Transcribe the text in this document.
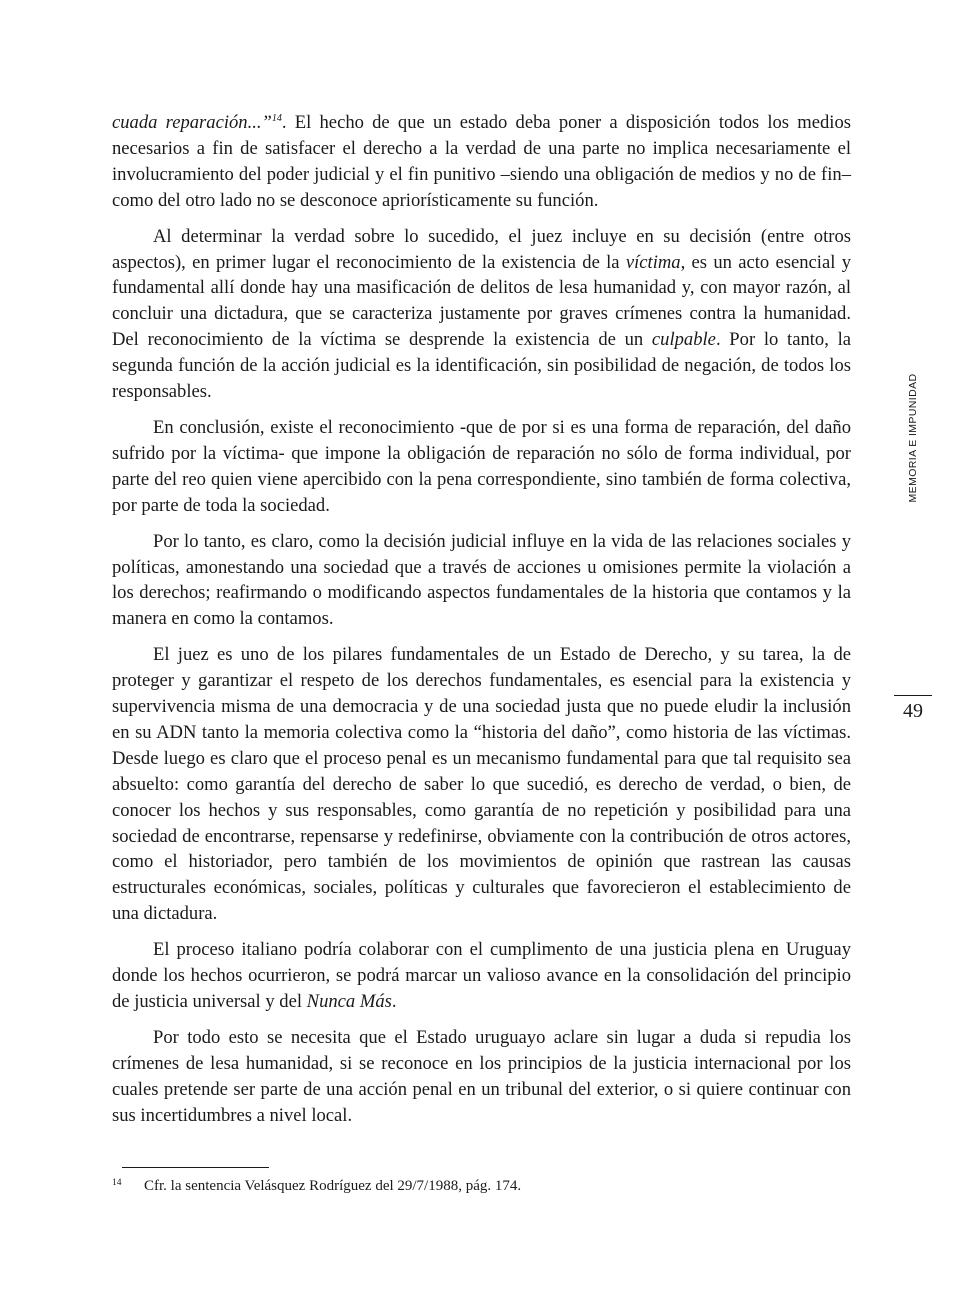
MEMORIA E IMPUNIDAD

cuada reparación...”$^{14}$. El hecho de que un estado deba poner a disposición todos los medios necesarios a fin de satisfacer el derecho a la verdad de una parte no implica necesariamente el involucramiento del poder judicial y el fin punitivo –siendo una obligación de medios y no de fin– como del otro lado no se desconoce apriorísticamente su función.

Al determinar la verdad sobre lo sucedido, el juez incluye en su decisión (entre otros aspectos), en primer lugar el reconocimiento de la existencia de la víctima, es un acto esencial y fundamental allí donde hay una masificación de delitos de lesa humanidad y, con mayor razón, al concluir una dictadura, que se caracteriza justamente por graves crímenes contra la humanidad. Del reconocimiento de la víctima se desprende la existencia de un culpable. Por lo tanto, la segunda función de la acción judicial es la identificación, sin posibilidad de negación, de todos los responsables.

En conclusión, existe el reconocimiento -que de por si es una forma de reparación, del daño sufrido por la víctima- que impone la obligación de reparación no sólo de forma individual, por parte del reo quien viene apercibido con la pena correspondiente, sino también de forma colectiva, por parte de toda la sociedad.

Por lo tanto, es claro, como la decisión judicial influye en la vida de las relaciones sociales y políticas, amonestando una sociedad que a través de acciones u omisiones permite la violación a los derechos; reafirmando o modificando aspectos fundamentales de la historia que contamos y la manera en como la contamos.

El juez es uno de los pilares fundamentales de un Estado de Derecho, y su tarea, la de proteger y garantizar el respeto de los derechos fundamentales, es esencial para la existencia y supervivencia misma de una democracia y de una sociedad justa que no puede eludir la inclusión en su ADN tanto la memoria colectiva como la “historia del daño”, como historia de las víctimas. Desde luego es claro que el proceso penal es un mecanismo fundamental para que tal requisito sea absuelto: como garantía del derecho de saber lo que sucedió, es derecho de verdad, o bien, de conocer los hechos y sus responsables, como garantía de no repetición y posibilidad para una sociedad de encontrarse, repensarse y redefinirse, obviamente con la contribución de otros actores, como el historiador, pero también de los movimientos de opinión que rastrean las causas estructurales económicas, sociales, políticas y culturales que favorecieron el establecimiento de una dictadura.

El proceso italiano podría colaborar con el cumplimento de una justicia plena en Uruguay donde los hechos ocurrieron, se podrá marcar un valioso avance en la consolidación del principio de justicia universal y del Nunca Más.

Por todo esto se necesita que el Estado uruguayo aclare sin lugar a duda si repudia los crímenes de lesa humanidad, si se reconoce en los principios de la justicia internacional por los cuales pretende ser parte de una acción penal en un tribunal del exterior, o si quiere continuar con sus incertidumbres a nivel local.

49
14 Cfr. la sentencia Velásquez Rodríguez del 29/7/1988, pág. 174.
